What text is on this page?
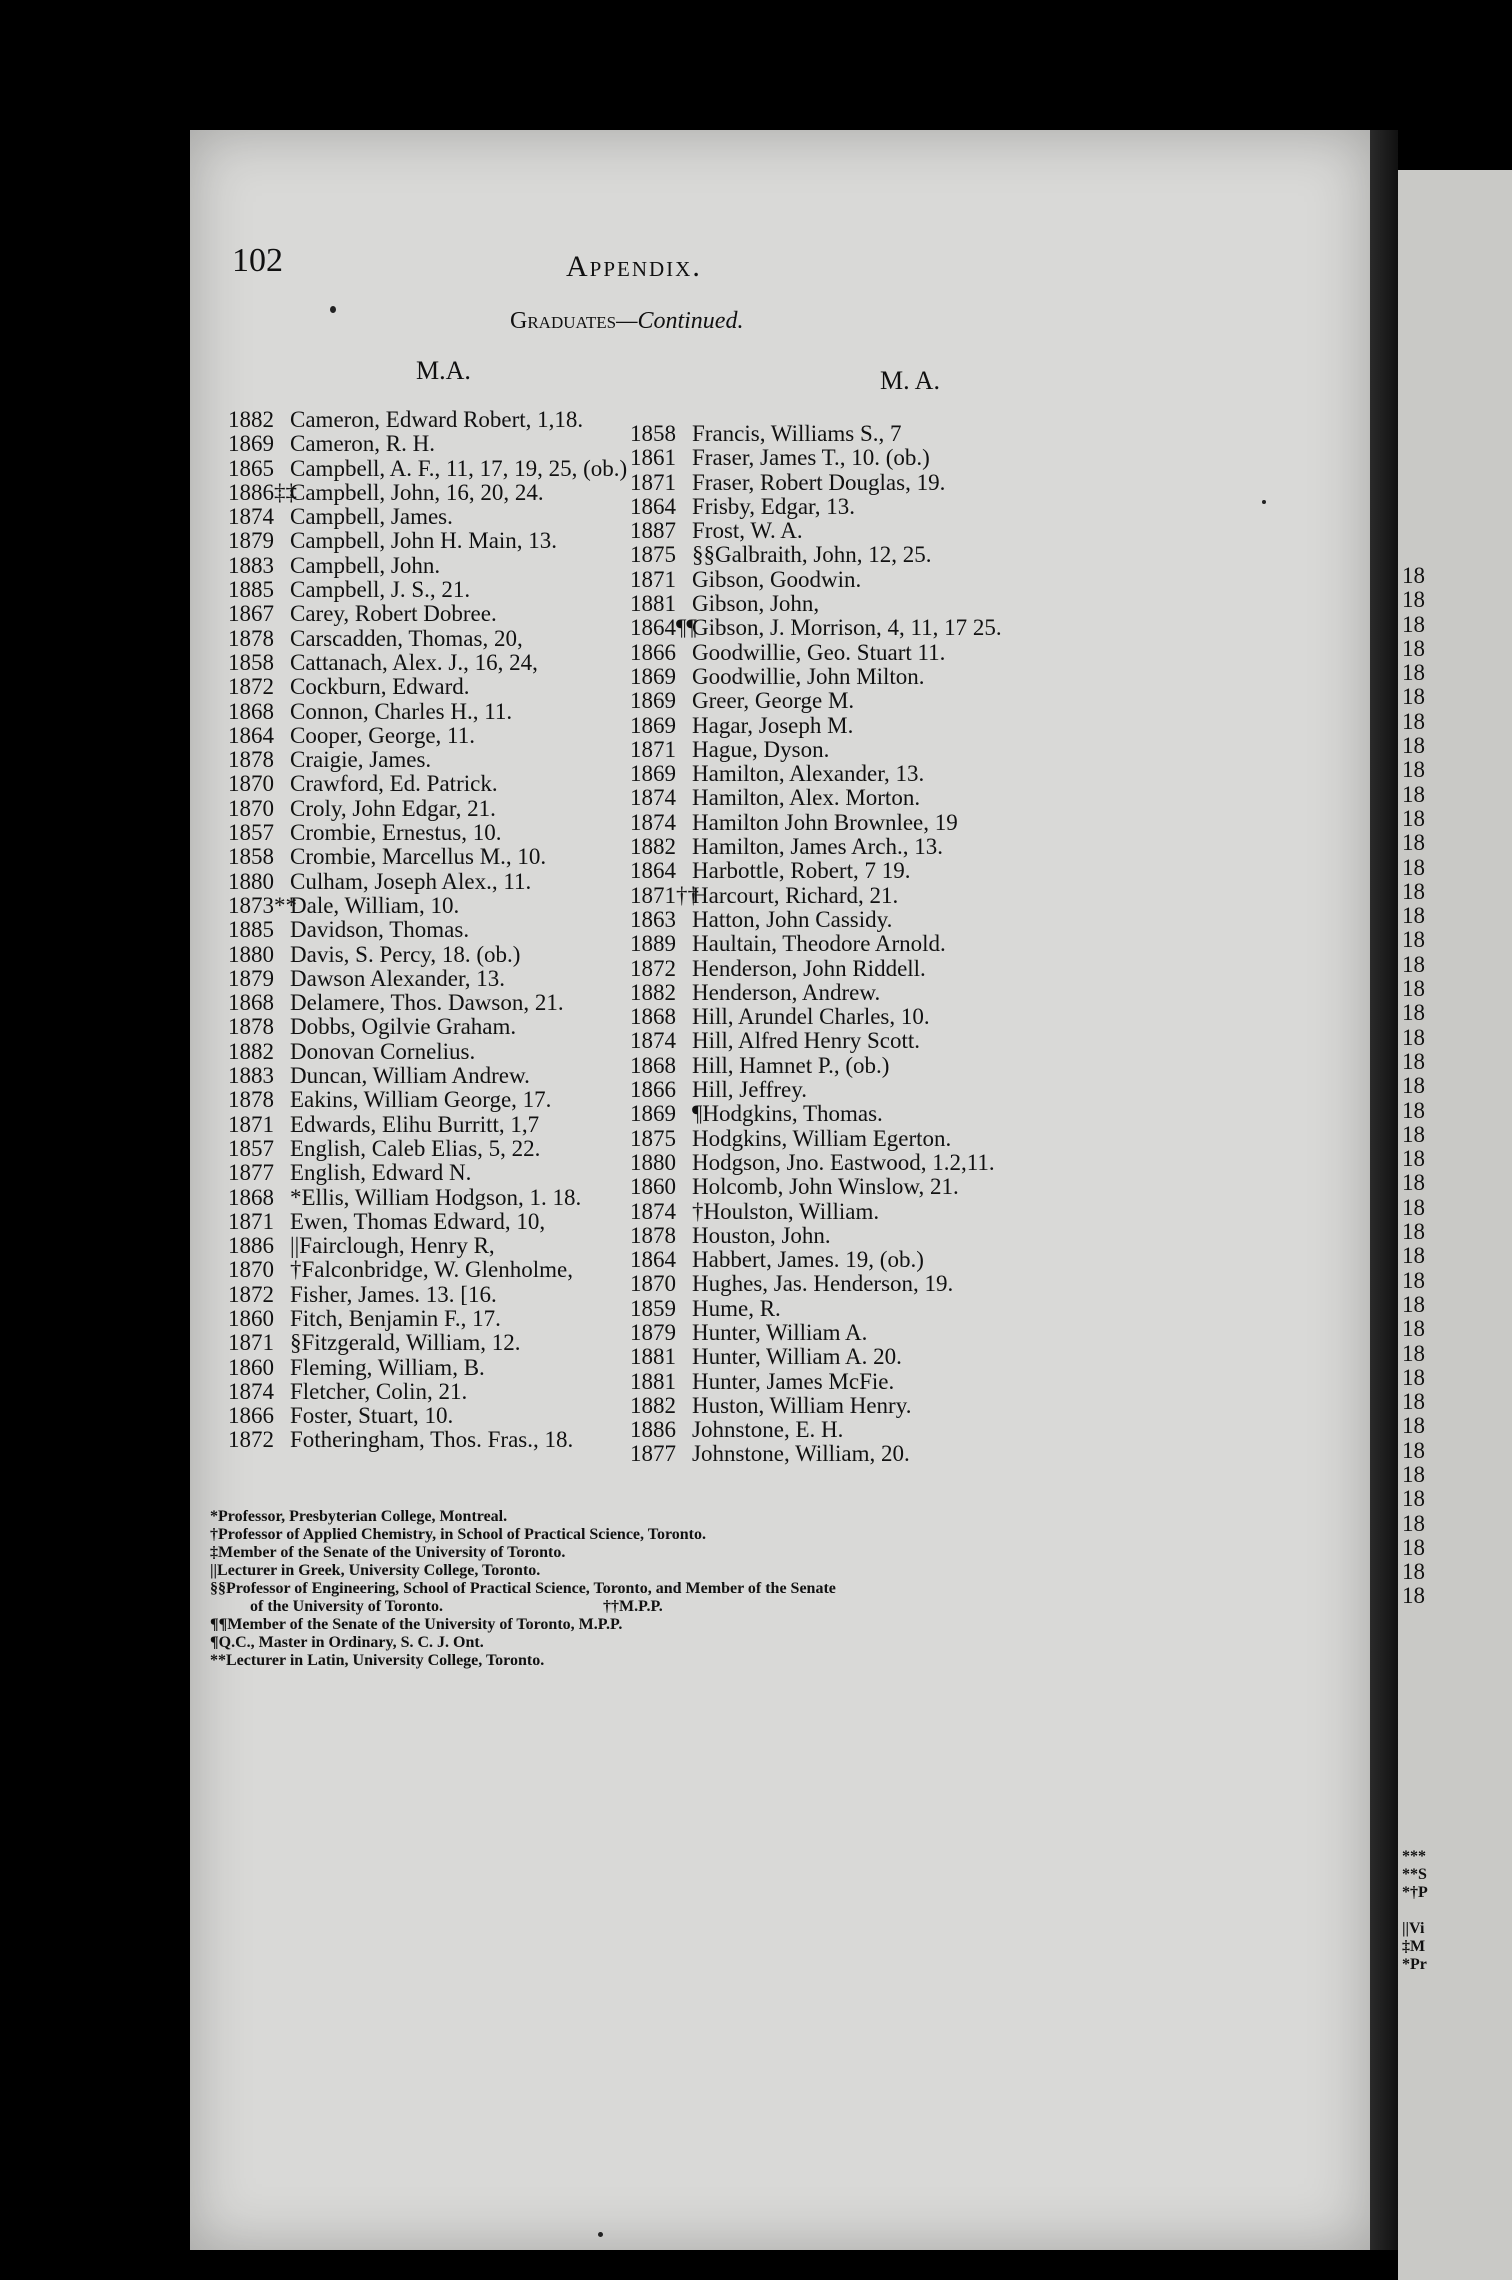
18
18
18
18
18
18
18
18
18
18
18
18
18
18
18
18
18
18
18
18
18
18
18
18
18
18
18
18
18
18
18
18
18
18
18
18
18
18
18
18
18
18
18
***
**S
*†P
||Vi
‡M
*Pr
102	Appendix.
Graduates—Continued.
M.A.	M. A.
1882 Cameron, Edward Robert, 1,18.
1869 Cameron, R. H.
1865 Campbell, A. F., 11, 17, 19, 25, (ob.)
1886‡‡Campbell, John, 16, 20, 24.
1874 Campbell, James.
1879 Campbell, John H. Main, 13.
1883 Campbell, John.
1885 Campbell, J. S., 21.
1867 Carey, Robert Dobree.
1878 Carscadden, Thomas, 20,
1858 Cattanach, Alex. J., 16, 24,
1872 Cockburn, Edward.
1868 Connon, Charles H., 11.
1864 Cooper, George, 11.
1878 Craigie, James.
1870 Crawford, Ed. Patrick.
1870 Croly, John Edgar, 21.
1857 Crombie, Ernestus, 10.
1858 Crombie, Marcellus M., 10.
1880 Culham, Joseph Alex., 11.
1873**Dale, William, 10.
1885 Davidson, Thomas.
1880 Davis, S. Percy, 18. (ob.)
1879 Dawson Alexander, 13.
1868 Delamere, Thos. Dawson, 21.
1878 Dobbs, Ogilvie Graham.
1882 Donovan Cornelius.
1883 Duncan, William Andrew.
1878 Eakins, William George, 17.
1871 Edwards, Elihu Burritt, 1,7
1857 English, Caleb Elias, 5, 22.
1877 English, Edward N.
1868 *Ellis, William Hodgson, 1. 18.
1871 Ewen, Thomas Edward, 10,
1886 ||Fairclough, Henry R,
1870 †Falconbridge, W. Glenholme,
1872 Fisher, James. 13. [16.
1860 Fitch, Benjamin F., 17.
1871 §Fitzgerald, William, 12.
1860 Fleming, William, B.
1874 Fletcher, Colin, 21.
1866 Foster, Stuart, 10.
1872 Fotheringham, Thos. Fras., 18.
1858 Francis, Williams S., 7
1861 Fraser, James T., 10. (ob.)
1871 Fraser, Robert Douglas, 19.
1864 Frisby, Edgar, 13.
1887 Frost, W. A.
1875 §§Galbraith, John, 12, 25.
1871 Gibson, Goodwin.
1881 Gibson, John,
1864¶¶Gibson, J. Morrison, 4, 11, 17 25.
1866 Goodwillie, Geo. Stuart 11.
1869 Goodwillie, John Milton.
1869 Greer, George M.
1869 Hagar, Joseph M.
1871 Hague, Dyson.
1869 Hamilton, Alexander, 13.
1874 Hamilton, Alex. Morton.
1874 Hamilton John Brownlee, 19
1882 Hamilton, James Arch., 13.
1864 Harbottle, Robert, 7 19.
1871††Harcourt, Richard, 21.
1863 Hatton, John Cassidy.
1889 Haultain, Theodore Arnold.
1872 Henderson, John Riddell.
1882 Henderson, Andrew.
1868 Hill, Arundel Charles, 10.
1874 Hill, Alfred Henry Scott.
1868 Hill, Hamnet P., (ob.)
1866 Hill, Jeffrey.
1869 ¶Hodgkins, Thomas.
1875 Hodgkins, William Egerton.
1880 Hodgson, Jno. Eastwood, 1.2,11.
1860 Holcomb, John Winslow, 21.
1874 †Houlston, William.
1878 Houston, John.
1864 Habbert, James. 19, (ob.)
1870 Hughes, Jas. Henderson, 19.
1859 Hume, R.
1879 Hunter, William A.
1881 Hunter, William A. 20.
1881 Hunter, James McFie.
1882 Huston, William Henry.
1886 Johnstone, E. H.
1877 Johnstone, William, 20.
*Professor, Presbyterian College, Montreal.
†Professor of Applied Chemistry, in School of Practical Science, Toronto.
‡Member of the Senate of the University of Toronto.
||Lecturer in Greek, University College, Toronto.
§§Professor of Engineering, School of Practical Science, Toronto, and Member of the Senate
of the University of Toronto.                                        ††M.P.P.
¶¶Member of the Senate of the University of Toronto, M.P.P.
¶Q.C., Master in Ordinary, S. C. J. Ont.
**Lecturer in Latin, University College, Toronto.
